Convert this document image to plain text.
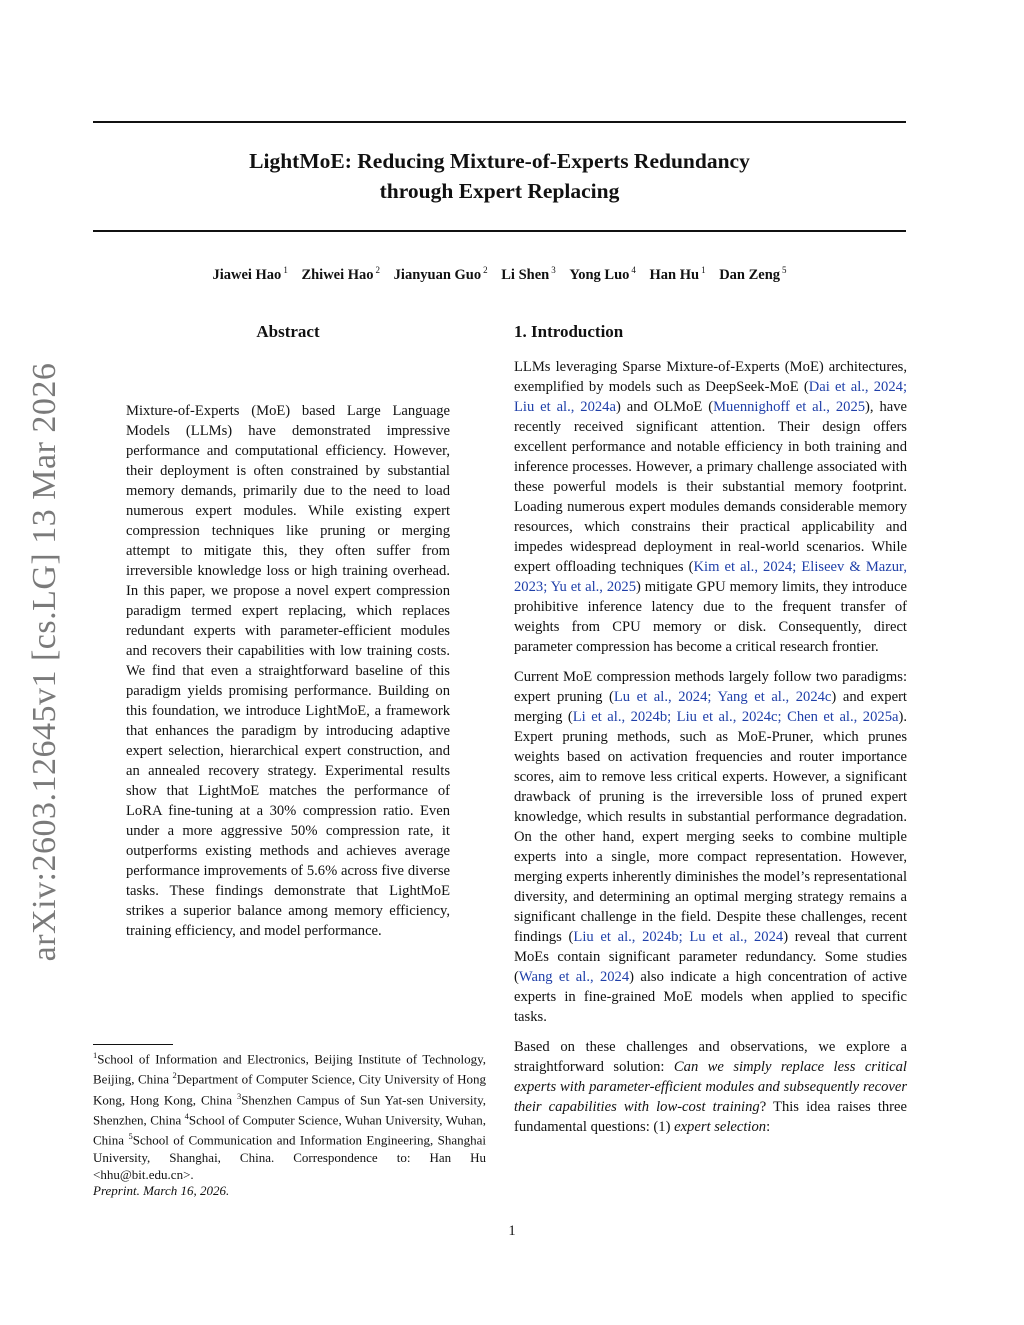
arXiv:2603.12645v1 [cs.LG] 13 Mar 2026
LightMoE: Reducing Mixture-of-Experts Redundancy
through Expert Replacing
Jiawei Hao $^1$ Zhiwei Hao $^2$ Jianyuan Guo $^2$ Li Shen $^3$ Yong Luo $^4$ Han Hu $^1$ Dan Zeng $^5$
Abstract
Mixture-of-Experts (MoE) based Large Language Models (LLMs) have demonstrated impressive performance and computational efficiency. However, their deployment is often constrained by substantial memory demands, primarily due to the need to load numerous expert modules. While existing expert compression techniques like pruning or merging attempt to mitigate this, they often suffer from irreversible knowledge loss or high training overhead. In this paper, we propose a novel expert compression paradigm termed expert replacing, which replaces redundant experts with parameter-efficient modules and recovers their capabilities with low training costs. We find that even a straightforward baseline of this paradigm yields promising performance. Building on this foundation, we introduce LightMoE, a framework that enhances the paradigm by introducing adaptive expert selection, hierarchical expert construction, and an annealed recovery strategy. Experimental results show that LightMoE matches the performance of LoRA fine-tuning at a 30% compression ratio. Even under a more aggressive 50% compression rate, it outperforms existing methods and achieves average performance improvements of 5.6% across five diverse tasks. These findings demonstrate that LightMoE strikes a superior balance among memory efficiency, training efficiency, and model performance.
1. Introduction

LLMs leveraging Sparse Mixture-of-Experts (MoE) architectures, exemplified by models such as DeepSeek-MoE (Dai et al., 2024; Liu et al., 2024a) and OLMoE (Muennighoff et al., 2025), have recently received significant attention. Their design offers excellent performance and notable efficiency in both training and inference processes. However, a primary challenge associated with these powerful models is their substantial memory footprint. Loading numerous expert modules demands considerable memory resources, which constrains their practical applicability and impedes widespread deployment in real-world scenarios. While expert offloading techniques (Kim et al., 2024; Eliseev & Mazur, 2023; Yu et al., 2025) mitigate GPU memory limits, they introduce prohibitive inference latency due to the frequent transfer of weights from CPU memory or disk. Consequently, direct parameter compression has become a critical research frontier.

Current MoE compression methods largely follow two paradigms: expert pruning (Lu et al., 2024; Yang et al., 2024c) and expert merging (Li et al., 2024b; Liu et al., 2024c; Chen et al., 2025a). Expert pruning methods, such as MoE-Pruner, which prunes weights based on activation frequencies and router importance scores, aim to remove less critical experts. However, a significant drawback of pruning is the irreversible loss of pruned expert knowledge, which results in substantial performance degradation. On the other hand, expert merging seeks to combine multiple experts into a single, more compact representation. However, merging experts inherently diminishes the model’s representational diversity, and determining an optimal merging strategy remains a significant challenge in the field. Despite these challenges, recent findings (Liu et al., 2024b; Lu et al., 2024) reveal that current MoEs contain significant parameter redundancy. Some studies (Wang et al., 2024) also indicate a high concentration of active experts in fine-grained MoE models when applied to specific tasks.

Based on these challenges and observations, we explore a straightforward solution: Can we simply replace less critical experts with parameter-efficient modules and subsequently recover their capabilities with low-cost training? This idea raises three fundamental questions: (1) expert selection:

$^1$School of Information and Electronics, Beijing Institute of Technology, Beijing, China $^2$Department of Computer Science, City University of Hong Kong, Hong Kong, China $^3$Shenzhen Campus of Sun Yat-sen University, Shenzhen, China $^4$School of Computer Science, Wuhan University, Wuhan, China $^5$School of Communication and Information Engineering, Shanghai University, Shanghai, China. Correspondence to: Han Hu <hhu@bit.edu.cn>.
Preprint. March 16, 2026.
1
